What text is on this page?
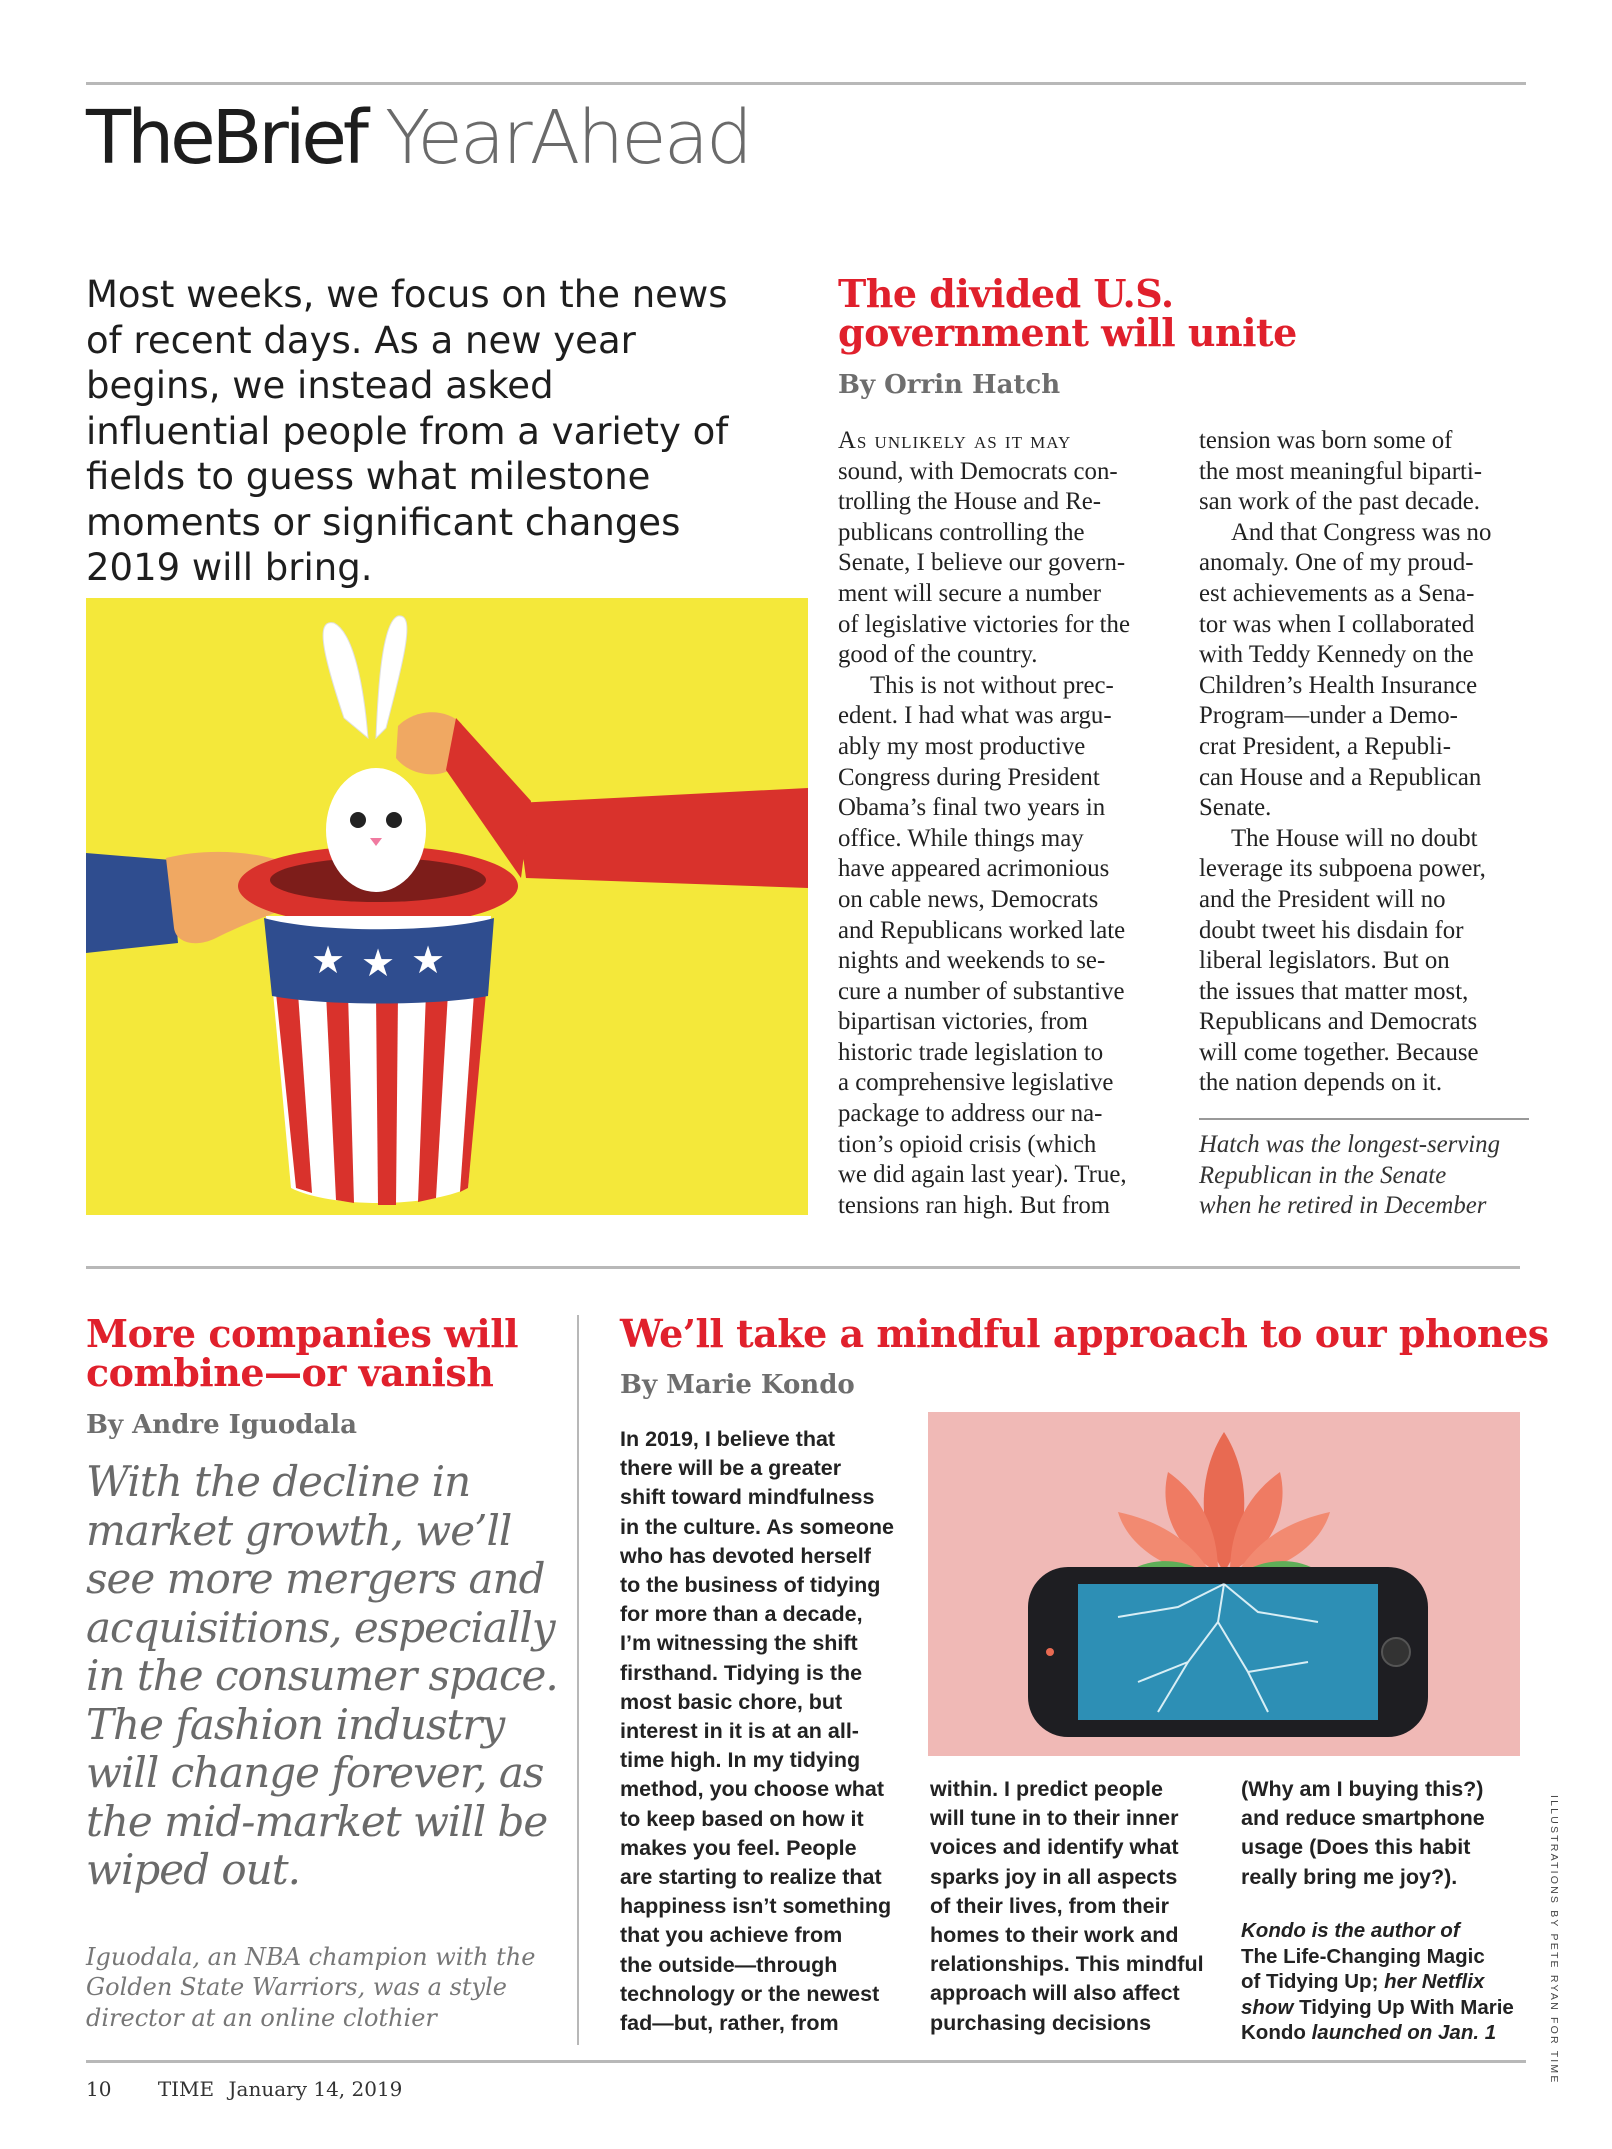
TheBrief YearAhead
Most weeks, we focus on the news of recent days. As a new year begins, we instead asked influential people from a variety of fields to guess what milestone moments or significant changes 2019 will bring.
★ ★ ★
The divided U.S.
government will unite
By Orrin Hatch
As unlikely as it may
sound, with Democrats con-
trolling the House and Re-
publicans controlling the
Senate, I believe our govern-
ment will secure a number
of legislative victories for the
good of the country.
This is not without prec-
edent. I had what was argu-
ably my most productive
Congress during President
Obama’s final two years in
office. While things may
have appeared acrimonious
on cable news, Democrats
and Republicans worked late
nights and weekends to se-
cure a number of substantive
bipartisan victories, from
historic trade legislation to
a comprehensive legislative
package to address our na-
tion’s opioid crisis (which
we did again last year). True,
tensions ran high. But from
tension was born some of
the most meaningful biparti-
san work of the past decade.
And that Congress was no
anomaly. One of my proud-
est achievements as a Sena-
tor was when I collaborated
with Teddy Kennedy on the
Children’s Health Insurance
Program—under a Demo-
crat President, a Republi-
can House and a Republican
Senate.
The House will no doubt
leverage its subpoena power,
and the President will no
doubt tweet his disdain for
liberal legislators. But on
the issues that matter most,
Republicans and Democrats
will come together. Because
the nation depends on it.
Hatch was the longest-serving
Republican in the Senate
when he retired in December
More companies will
combine—or vanish
By Andre Iguodala
With the decline in
market growth, we’ll
see more mergers and
acquisitions, especially
in the consumer space.
The fashion industry
will change forever, as
the mid-market will be
wiped out.
Iguodala, an NBA champion with the
Golden State Warriors, was a style
director at an online clothier
We’ll take a mindful approach to our phones
By Marie Kondo
In 2019, I believe that
there will be a greater
shift toward mindfulness
in the culture. As someone
who has devoted herself
to the business of tidying
for more than a decade,
I’m witnessing the shift
firsthand. Tidying is the
most basic chore, but
interest in it is at an all-
time high. In my tidying
method, you choose what
to keep based on how it
makes you feel. People
are starting to realize that
happiness isn’t something
that you achieve from
the outside—through
technology or the newest
fad—but, rather, from
within. I predict people
will tune in to their inner
voices and identify what
sparks joy in all aspects
of their lives, from their
homes to their work and
relationships. This mindful
approach will also affect
purchasing decisions
(Why am I buying this?)
and reduce smartphone
usage (Does this habit
really bring me joy?).
Kondo is the author of
The Life-Changing Magic
of Tidying Up; her Netflix
show Tidying Up With Marie
Kondo launched on Jan. 1	ILLUSTRATIONS BY PETE RYAN FOR TIME
10 TIME January 14, 2019
